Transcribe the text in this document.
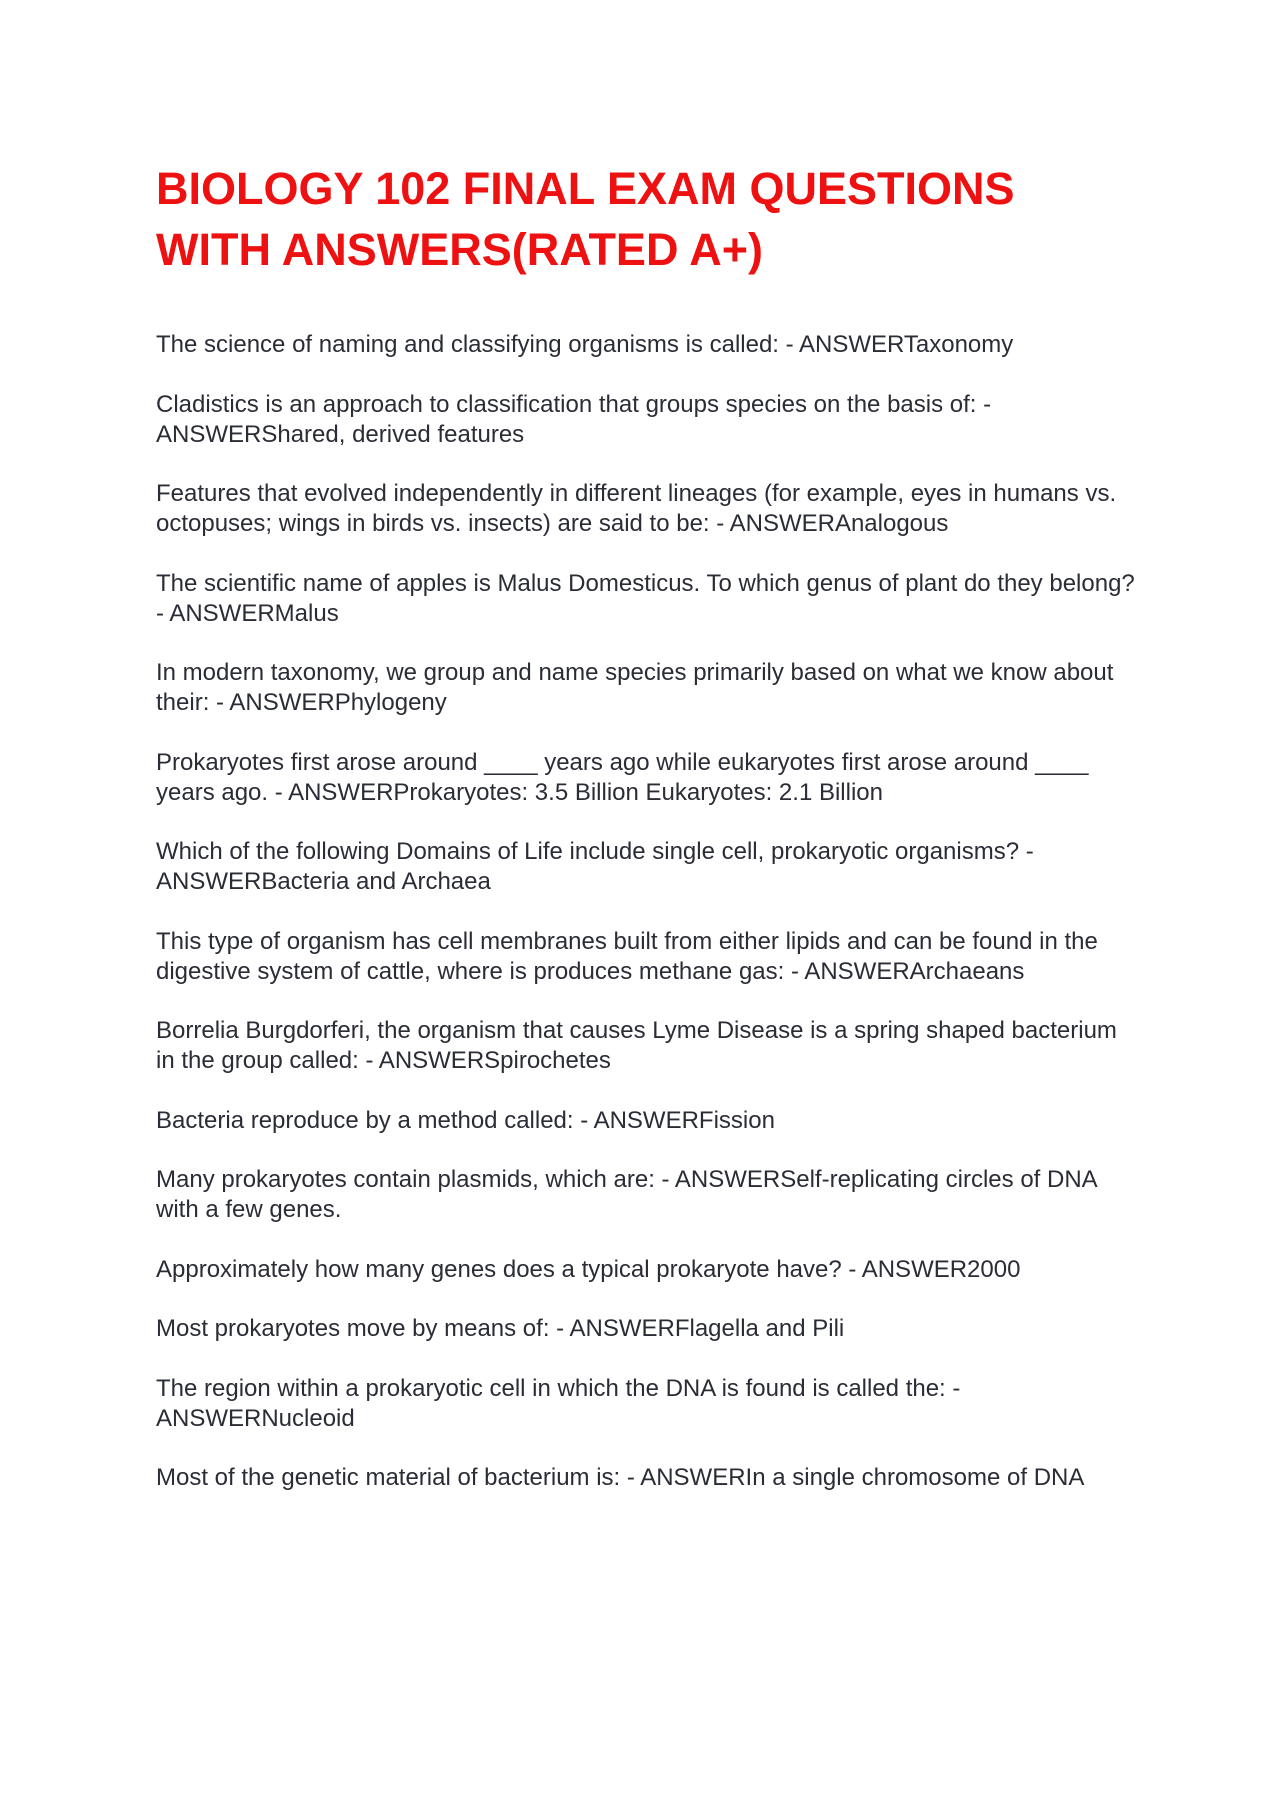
BIOLOGY 102 FINAL EXAM QUESTIONS WITH ANSWERS(RATED A+)

The science of naming and classifying organisms is called: - ANSWERTaxonomy

Cladistics is an approach to classification that groups species on the basis of: - ANSWERShared, derived features

Features that evolved independently in different lineages (for example, eyes in humans vs. octopuses; wings in birds vs. insects) are said to be: - ANSWERAnalogous

The scientific name of apples is Malus Domesticus. To which genus of plant do they belong? - ANSWERMalus

In modern taxonomy, we group and name species primarily based on what we know about their: - ANSWERPhylogeny

Prokaryotes first arose around ____ years ago while eukaryotes first arose around ____ years ago. - ANSWERProkaryotes: 3.5 Billion Eukaryotes: 2.1 Billion

Which of the following Domains of Life include single cell, prokaryotic organisms? - ANSWERBacteria and Archaea

This type of organism has cell membranes built from either lipids and can be found in the digestive system of cattle, where is produces methane gas: - ANSWERArchaeans

Borrelia Burgdorferi, the organism that causes Lyme Disease is a spring shaped bacterium in the group called: - ANSWERSpirochetes

Bacteria reproduce by a method called: - ANSWERFission

Many prokaryotes contain plasmids, which are: - ANSWERSelf-replicating circles of DNA with a few genes.

Approximately how many genes does a typical prokaryote have? - ANSWER2000

Most prokaryotes move by means of: - ANSWERFlagella and Pili

The region within a prokaryotic cell in which the DNA is found is called the: - ANSWERNucleoid

Most of the genetic material of bacterium is: - ANSWERIn a single chromosome of DNA
